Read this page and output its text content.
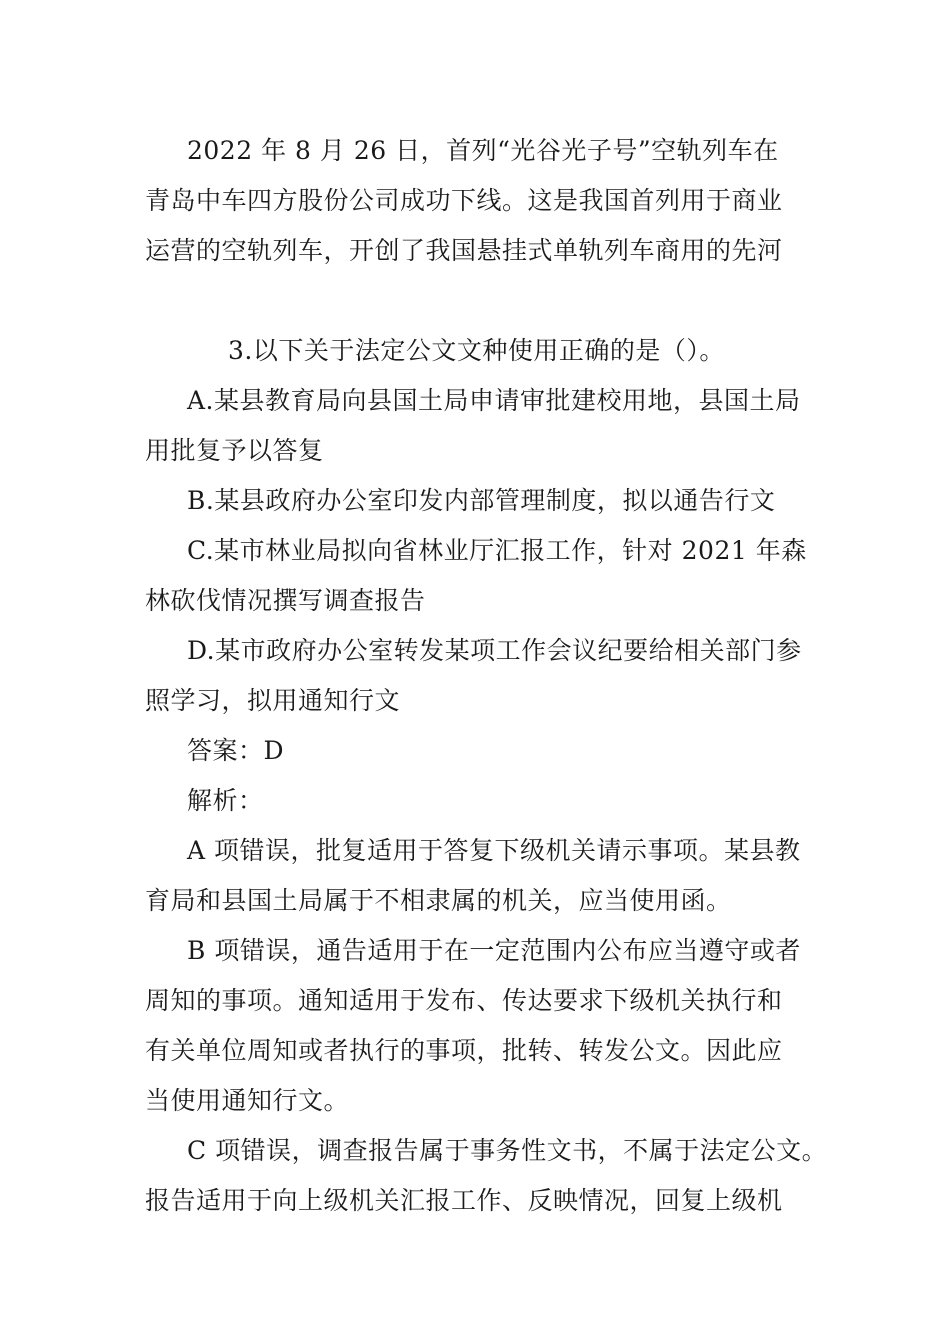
2022 年 8 月 26 日，首列“光谷光子号”空轨列车在
青岛中车四方股份公司成功下线。这是我国首列用于商业
运营的空轨列车，开创了我国悬挂式单轨列车商用的先河
3.以下关于法定公文文种使用正确的是（）。
A.某县教育局向县国土局申请审批建校用地，县国土局
用批复予以答复
B.某县政府办公室印发内部管理制度，拟以通告行文
C.某市林业局拟向省林业厅汇报工作，针对 2021 年森
林砍伐情况撰写调查报告
D.某市政府办公室转发某项工作会议纪要给相关部门参
照学习，拟用通知行文
答案：D
解析：
A 项错误，批复适用于答复下级机关请示事项。某县教
育局和县国土局属于不相隶属的机关，应当使用函。
B 项错误，通告适用于在一定范围内公布应当遵守或者
周知的事项。通知适用于发布、传达要求下级机关执行和
有关单位周知或者执行的事项，批转、转发公文。因此应
当使用通知行文。
C 项错误，调查报告属于事务性文书，不属于法定公文。
报告适用于向上级机关汇报工作、反映情况，回复上级机
